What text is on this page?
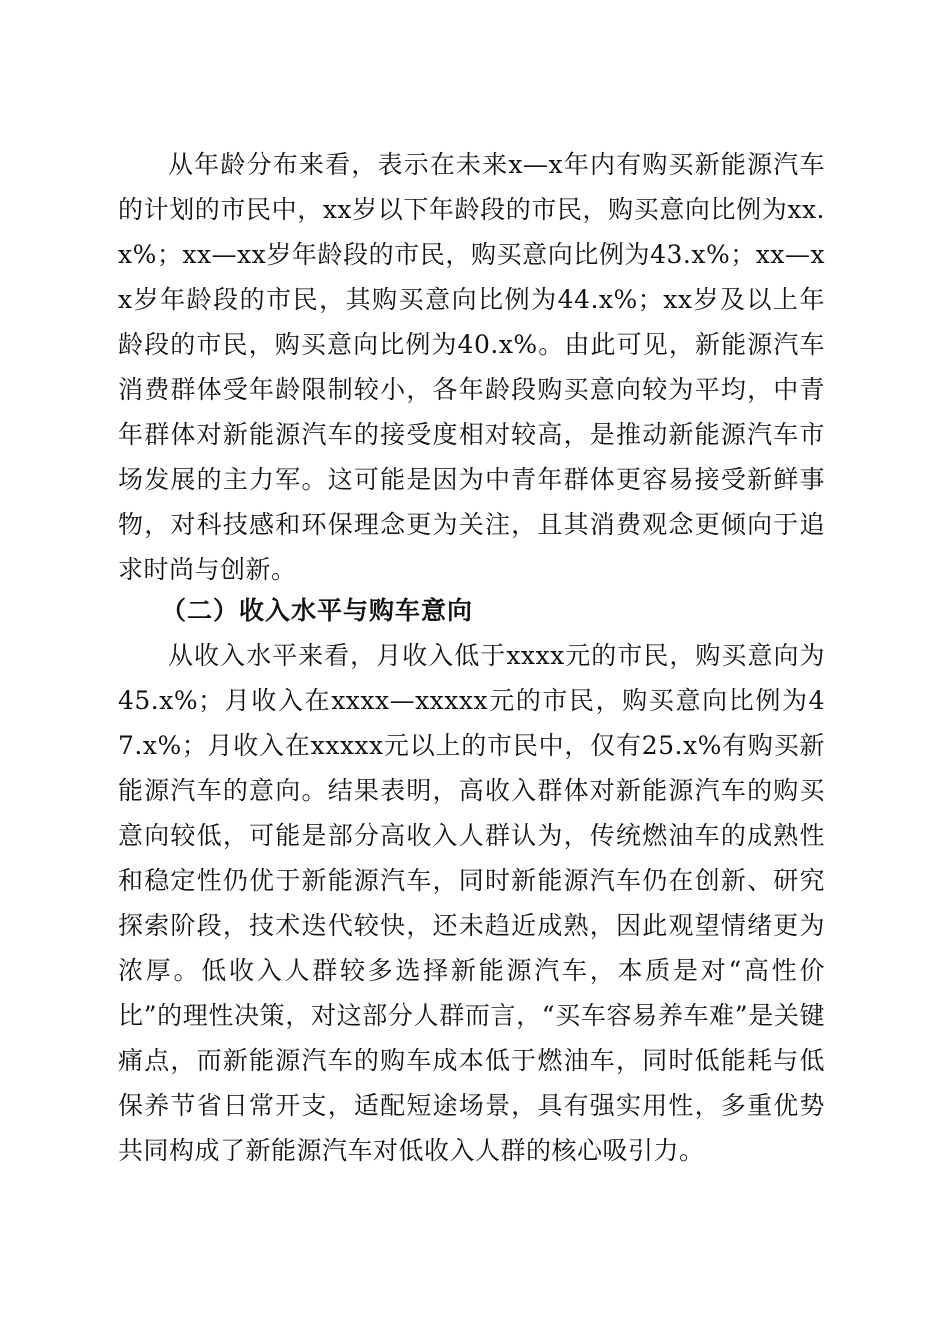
从年龄分布来看，表示在未来x—x年内有购买新能源汽车的计划的市民中，xx岁以下年龄段的市民，购买意向比例为xx.x%；xx—xx岁年龄段的市民，购买意向比例为43.x%；xx—xx岁年龄段的市民，其购买意向比例为44.x%；xx岁及以上年龄段的市民，购买意向比例为40.x%。由此可见，新能源汽车消费群体受年龄限制较小，各年龄段购买意向较为平均，中青年群体对新能源汽车的接受度相对较高，是推动新能源汽车市场发展的主力军。这可能是因为中青年群体更容易接受新鲜事物，对科技感和环保理念更为关注，且其消费观念更倾向于追求时尚与创新。

（二）收入水平与购车意向

从收入水平来看，月收入低于xxxx元的市民，购买意向为45.x%；月收入在xxxx—xxxxx元的市民，购买意向比例为47.x%；月收入在xxxxx元以上的市民中，仅有25.x%有购买新能源汽车的意向。结果表明，高收入群体对新能源汽车的购买意向较低，可能是部分高收入人群认为，传统燃油车的成熟性和稳定性仍优于新能源汽车，同时新能源汽车仍在创新、研究探索阶段，技术迭代较快，还未趋近成熟，因此观望情绪更为浓厚。低收入人群较多选择新能源汽车，本质是对“高性价比”的理性决策，对这部分人群而言，“买车容易养车难”是关键痛点，而新能源汽车的购车成本低于燃油车，同时低能耗与低保养节省日常开支，适配短途场景，具有强实用性，多重优势共同构成了新能源汽车对低收入人群的核心吸引力。
